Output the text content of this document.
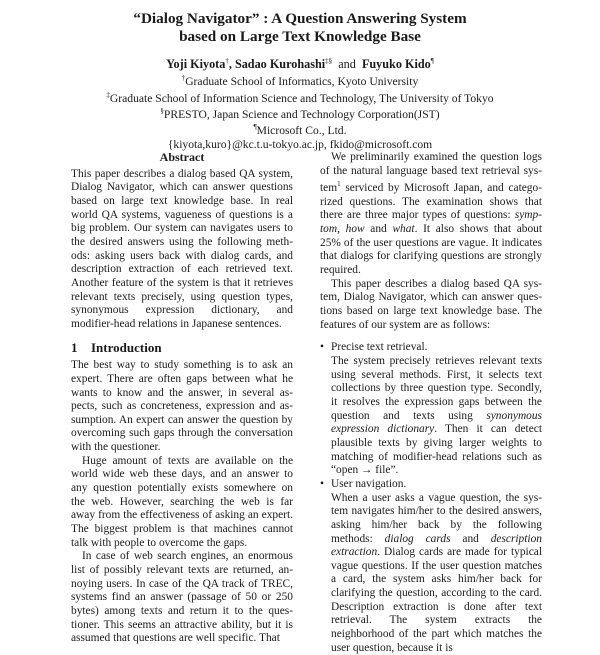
“Dialog Navigator” : A Question Answering System
based on Large Text Knowledge Base
Yoji Kiyota†, Sadao Kurohashi‡§ and Fuyuko Kido¶
†Graduate School of Informatics, Kyoto University
‡Graduate School of Information Science and Technology, The University of Tokyo
§PRESTO, Japan Science and Technology Corporation(JST)
¶Microsoft Co., Ltd.
{kiyota,kuro}@kc.t.u-tokyo.ac.jp, fkido@microsoft.com
Abstract

This paper describes a dialog based QA system, Dialog Navigator, which can answer questions based on large text knowledge base. In real world QA systems, vagueness of questions is a big problem. Our system can navigates users to the desired answers using the following methods: asking users back with dialog cards, and description extraction of each retrieved text. Another feature of the system is that it retrieves relevant texts precisely, using question types, synonymous expression dictionary, and modifier-head relations in Japanese sentences.

1 Introduction

The best way to study something is to ask an expert. There are often gaps between what he wants to know and the answer, in several aspects, such as concreteness, expression and assumption. An expert can answer the question by overcoming such gaps through the conversation with the questioner.

Huge amount of texts are available on the world wide web these days, and an answer to any question potentially exists somewhere on the web. However, searching the web is far away from the effectiveness of asking an expert. The biggest problem is that machines cannot talk with people to overcome the gaps.

In case of web search engines, an enormous list of possibly relevant texts are returned, annoying users. In case of the QA track of TREC, systems find an answer (passage of 50 or 250 bytes) among texts and return it to the questioner. This seems an attractive ability, but it is assumed that questions are well specific. That

We preliminarily examined the question logs of the natural language based text retrieval system$^1$ serviced by Microsoft Japan, and categorized questions. The examination shows that there are three major types of questions: symptom, how and what. It also shows that about 25% of the user questions are vague. It indicates that dialogs for clarifying questions are strongly required.

This paper describes a dialog based QA system, Dialog Navigator, which can answer questions based on large text knowledge base. The features of our system are as follows:

• Precise text retrieval.
The system precisely retrieves relevant texts using several methods. First, it selects text collections by three question type. Secondly, it resolves the expression gaps between the question and texts using synonymous expression dictionary. Then it can detect plausible texts by giving larger weights to matching of modifier-head relations such as “open → file”.
• User navigation.
When a user asks a vague question, the system navigates him/her to the desired answers, asking him/her back by the following methods: dialog cards and description extraction. Dialog cards are made for typical vague questions. If the user question matches a card, the system asks him/her back for clarifying the question, according to the card. Description extraction is done after text retrieval. The system extracts the neighborhood of the part which matches the user question, because it is
